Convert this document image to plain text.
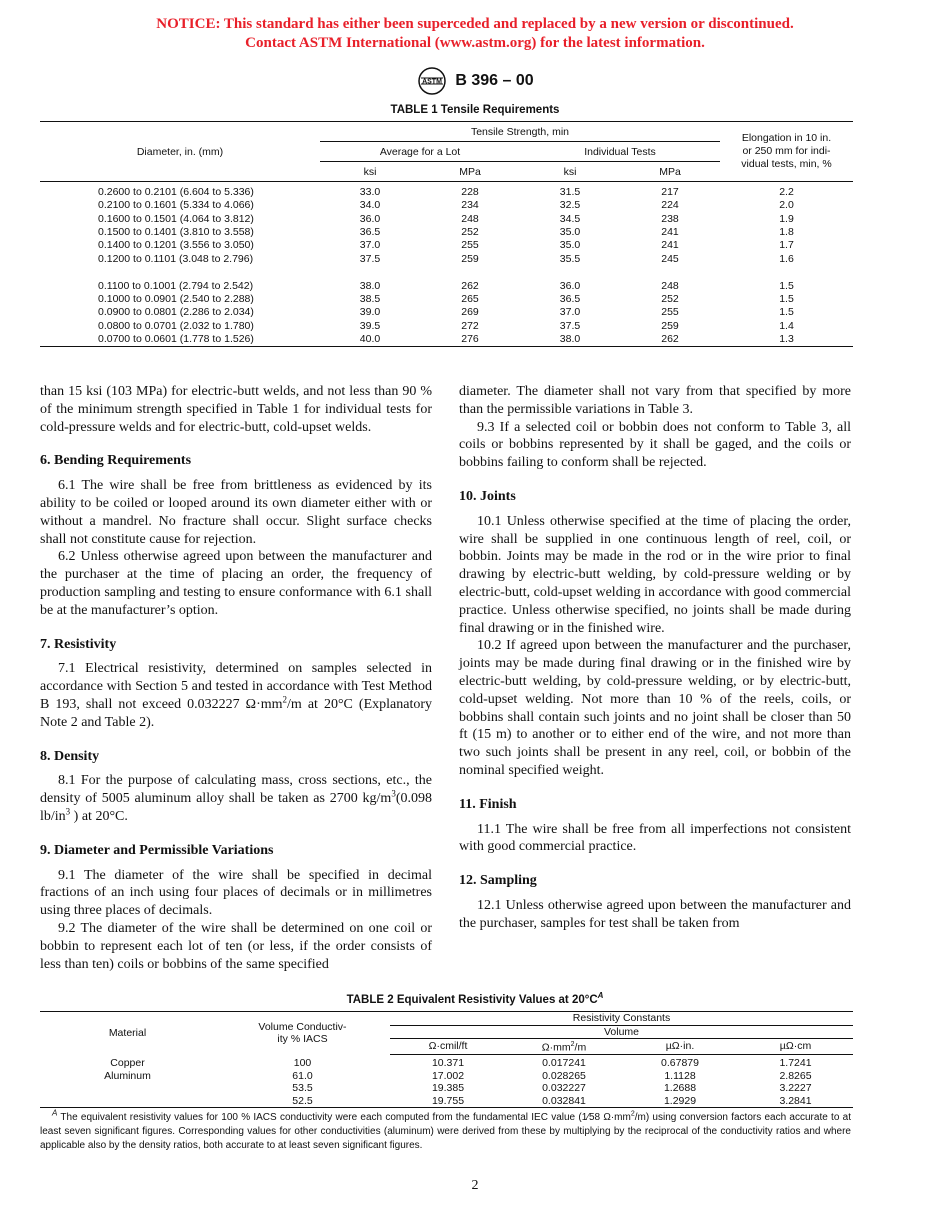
NOTICE: This standard has either been superceded and replaced by a new version or discontinued.
Contact ASTM International (www.astm.org) for the latest information.
ASTM B 396 – 00
TABLE 1 Tensile Requirements
Diameter, in. (mm)	Tensile Strength, min				Elongation in 10 in.
or 250 mm for indi-
vidual tests, min, %

	Average for a Lot		Individual Tests		
	ksi	MPa	ksi	MPa	
0.2600 to 0.2101 (6.604 to 5.336)	33.0	228	31.5	217	2.2
0.2100 to 0.1601 (5.334 to 4.066)	34.0	234	32.5	224	2.0
0.1600 to 0.1501 (4.064 to 3.812)	36.0	248	34.5	238	1.9
0.1500 to 0.1401 (3.810 to 3.558)	36.5	252	35.0	241	1.8
0.1400 to 0.1201 (3.556 to 3.050)	37.0	255	35.0	241	1.7
0.1200 to 0.1101 (3.048 to 2.796)	37.5	259	35.5	245	1.6

0.1100 to 0.1001 (2.794 to 2.542)	38.0	262	36.0	248	1.5
0.1000 to 0.0901 (2.540 to 2.288)	38.5	265	36.5	252	1.5
0.0900 to 0.0801 (2.286 to 2.034)	39.0	269	37.0	255	1.5
0.0800 to 0.0701 (2.032 to 1.780)	39.5	272	37.5	259	1.4
0.0700 to 0.0601 (1.778 to 1.526)	40.0	276	38.0	262	1.3

than 15 ksi (103 MPa) for electric-butt welds, and not less than 90 % of the minimum strength specified in Table 1 for individual tests for cold-pressure welds and for electric-butt, cold-upset welds.

6. Bending Requirements

6.1 The wire shall be free from brittleness as evidenced by its ability to be coiled or looped around its own diameter either with or without a mandrel. No fracture shall occur. Slight surface checks shall not constitute cause for rejection.

6.2 Unless otherwise agreed upon between the manufacturer and the purchaser at the time of placing an order, the frequency of production sampling and testing to ensure conformance with 6.1 shall be at the manufacturer’s option.

7. Resistivity

7.1 Electrical resistivity, determined on samples selected in accordance with Section 5 and tested in accordance with Test Method B 193, shall not exceed 0.032227 $\Omega\cdot mm^2/m$ at 20°C (Explanatory Note 2 and Table 2).

8. Density

8.1 For the purpose of calculating mass, cross sections, etc., the density of 5005 aluminum alloy shall be taken as 2700 $kg/m^3(0.098$ $lb/in^3$ ) at 20°C.

9. Diameter and Permissible Variations

9.1 The diameter of the wire shall be specified in decimal fractions of an inch using four places of decimals or in millimetres using three places of decimals.

9.2 The diameter of the wire shall be determined on one coil or bobbin to represent each lot of ten (or less, if the order consists of less than ten) coils or bobbins of the same specified

diameter. The diameter shall not vary from that specified by more than the permissible variations in Table 3.

9.3 If a selected coil or bobbin does not conform to Table 3, all coils or bobbins represented by it shall be gaged, and the coils or bobbins failing to conform shall be rejected.

10. Joints

10.1 Unless otherwise specified at the time of placing the order, wire shall be supplied in one continuous length of reel, coil, or bobbin. Joints may be made in the rod or in the wire prior to final drawing by electric-butt welding, by cold-pressure welding or by electric-butt, cold-upset welding in accordance with good commercial practice. Unless otherwise specified, no joints shall be made during final drawing or in the finished wire.

10.2 If agreed upon between the manufacturer and the purchaser, joints may be made during final drawing or in the finished wire by electric-butt welding, by cold-pressure welding, or by electric-butt, cold-upset welding. Not more than 10 % of the reels, coils, or bobbins shall contain such joints and no joint shall be closer than 50 ft (15 m) to another or to either end of the wire, and not more than two such joints shall be present in any reel, coil, or bobbin of the nominal specified weight.

11. Finish

11.1 The wire shall be free from all imperfections not consistent with good commercial practice.

12. Sampling

12.1 Unless otherwise agreed upon between the manufacturer and the purchaser, samples for test shall be taken from

TABLE 2 Equivalent Resistivity Values at $20^\circ C^A$
Material	Volume Conductiv-
ity % IACS	Resistivity Constants			
		Volume			
		Ω·cmil/ft	$\Omega\cdot mm^2/m$	µΩ·in.	µΩ·cm
Copper	100	10.371	0.017241	0.67879	1.7241
Aluminum	61.0	17.002	0.028265	1.1128	2.8265
	53.5	19.385	0.032227	1.2688	3.2227
	52.5	19.755	0.032841	1.2929	3.2841
$^A$ The equivalent resistivity values for 100 % IACS conductivity were each computed from the fundamental IEC value (1⁄58 $\Omega\cdot mm^2/m$) using conversion factors each accurate to at least seven significant figures. Corresponding values for other conductivities (aluminum) were derived from these by multiplying by the reciprocal of the conductivity ratios and where applicable also by the density ratios, both accurate to at least seven significant figures.
2
